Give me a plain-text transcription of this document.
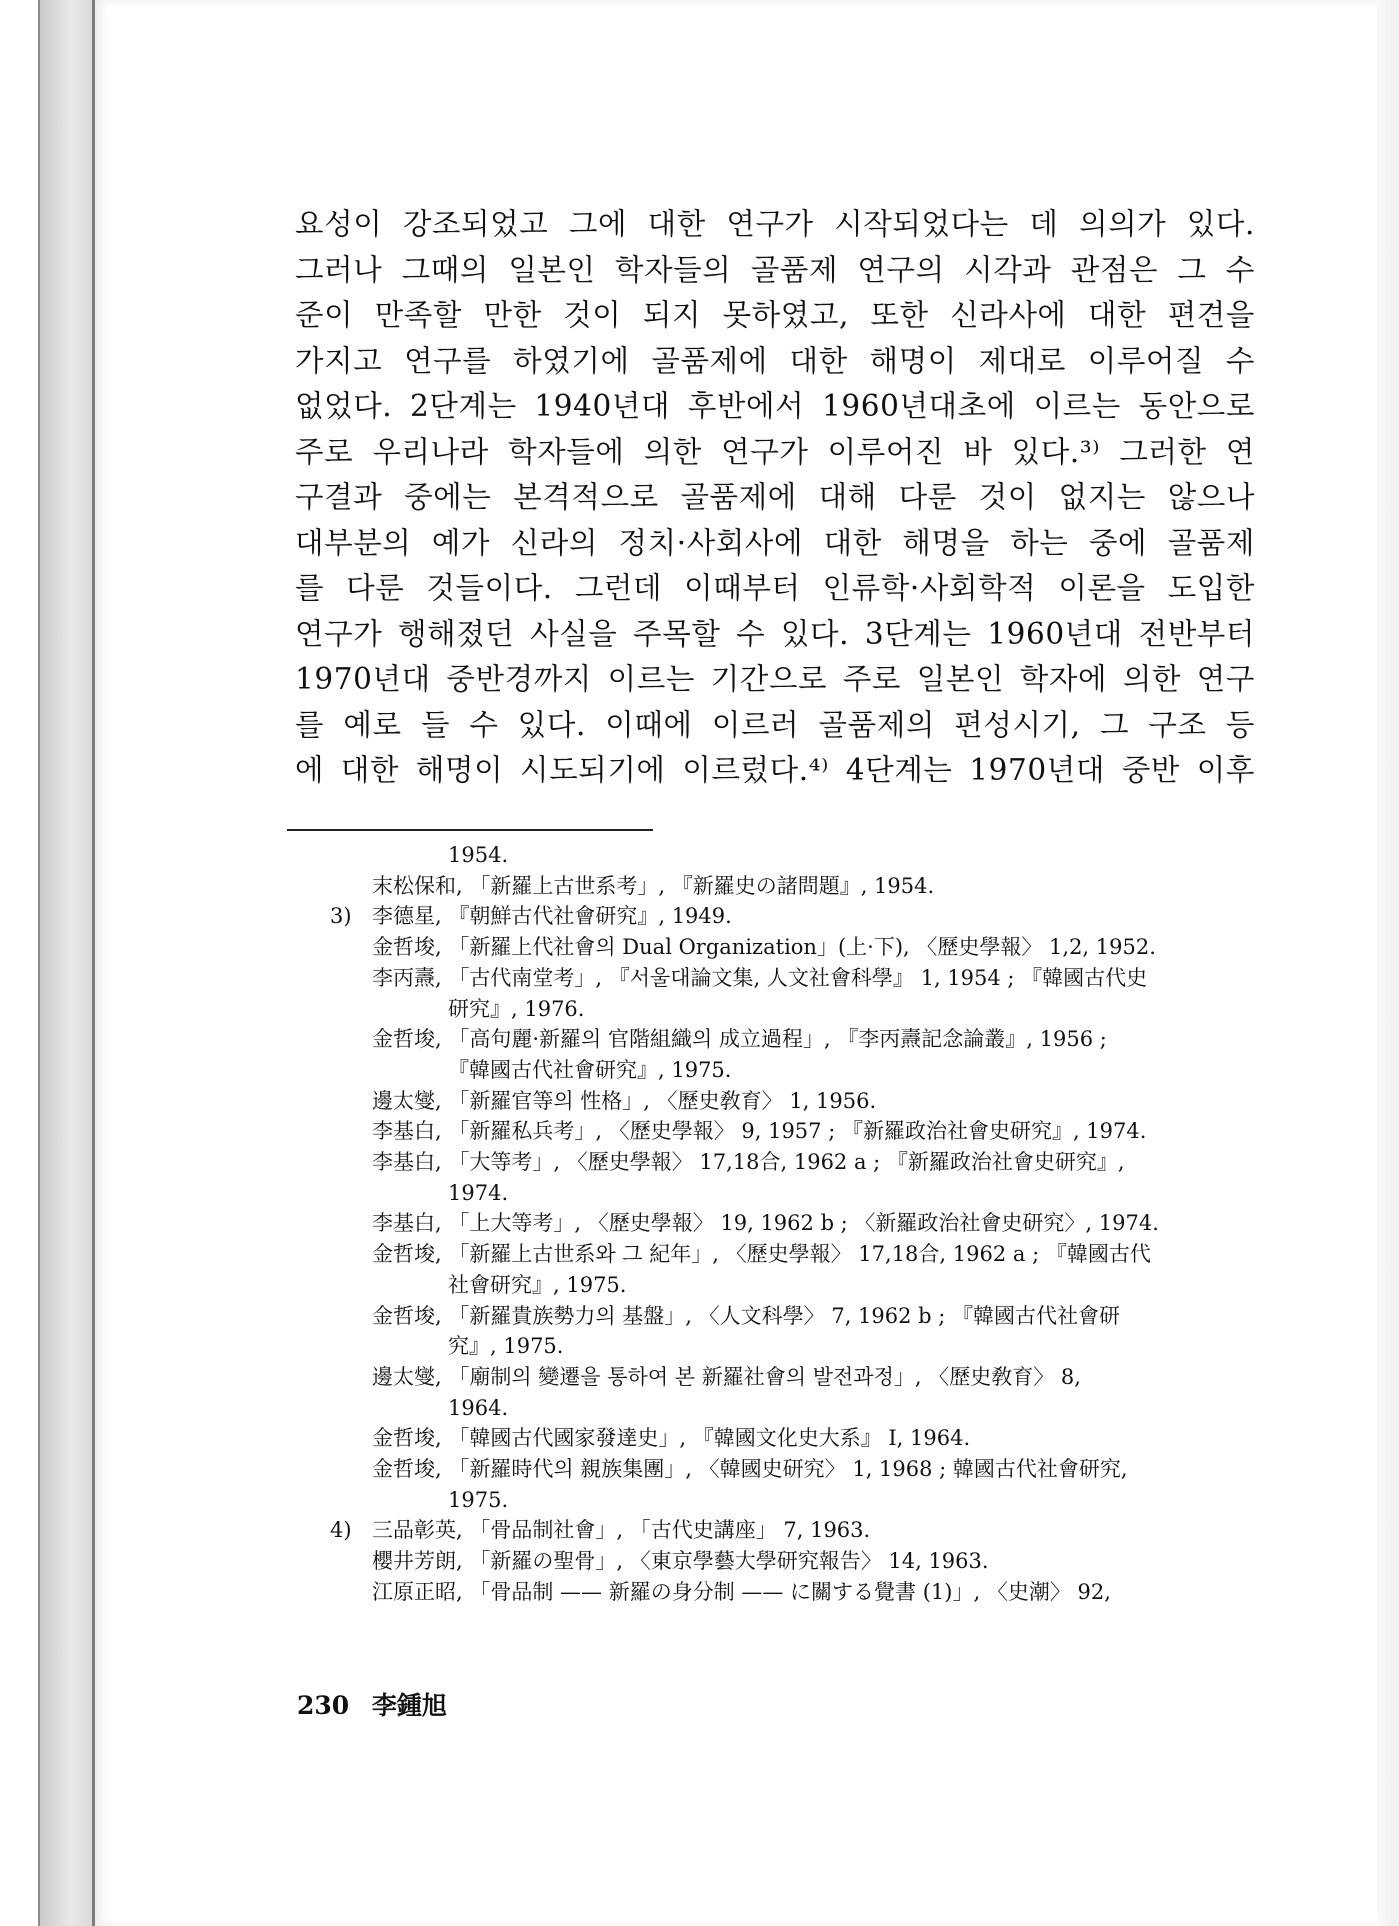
요성이 강조되었고 그에 대한 연구가 시작되었다는 데 의의가 있다.
그러나 그때의 일본인 학자들의 골품제 연구의 시각과 관점은 그 수
준이 만족할 만한 것이 되지 못하였고, 또한 신라사에 대한 편견을
가지고 연구를 하였기에 골품제에 대한 해명이 제대로 이루어질 수
없었다. 2단계는 1940년대 후반에서 1960년대초에 이르는 동안으로
주로 우리나라 학자들에 의한 연구가 이루어진 바 있다.³⁾ 그러한 연
구결과 중에는 본격적으로 골품제에 대해 다룬 것이 없지는 않으나
대부분의 예가 신라의 정치·사회사에 대한 해명을 하는 중에 골품제
를 다룬 것들이다. 그런데 이때부터 인류학·사회학적 이론을 도입한
연구가 행해졌던 사실을 주목할 수 있다. 3단계는 1960년대 전반부터
1970년대 중반경까지 이르는 기간으로 주로 일본인 학자에 의한 연구
를 예로 들 수 있다. 이때에 이르러 골품제의 편성시기, 그 구조 등
에 대한 해명이 시도되기에 이르렀다.⁴⁾ 4단계는 1970년대 중반 이후
1954.
末松保和, 「新羅上古世系考」, 『新羅史の諸問題』, 1954.
3) 李德星, 『朝鮮古代社會研究』, 1949.
金哲埈, 「新羅上代社會의 Dual Organization」(上·下), 〈歷史學報〉 1,2, 1952.
李丙燾, 「古代南堂考」, 『서울대論文集, 人文社會科學』 1, 1954 ; 『韓國古代史
研究』, 1976.
金哲埈, 「高句麗·新羅의 官階組織의 成立過程」, 『李丙燾記念論叢』, 1956 ;
『韓國古代社會研究』, 1975.
邊太燮, 「新羅官等의 性格」, 〈歷史敎育〉 1, 1956.
李基白, 「新羅私兵考」, 〈歷史學報〉 9, 1957 ; 『新羅政治社會史研究』, 1974.
李基白, 「大等考」, 〈歷史學報〉 17,18合, 1962 a ; 『新羅政治社會史研究』,
1974.
李基白, 「上大等考」, 〈歷史學報〉 19, 1962 b ; 〈新羅政治社會史研究〉, 1974.
金哲埈, 「新羅上古世系와 그 紀年」, 〈歷史學報〉 17,18合, 1962 a ; 『韓國古代
社會研究』, 1975.
金哲埈, 「新羅貴族勢力의 基盤」, 〈人文科學〉 7, 1962 b ; 『韓國古代社會研
究』, 1975.
邊太燮, 「廟制의 變遷을 통하여 본 新羅社會의 발전과정」, 〈歷史敎育〉 8,
1964.
金哲埈, 「韓國古代國家發達史」, 『韓國文化史大系』 I, 1964.
金哲埈, 「新羅時代의 親族集團」, 〈韓國史研究〉 1, 1968 ; 韓國古代社會研究,
1975.
4) 三品彰英, 「骨品制社會」, 「古代史講座」 7, 1963.
櫻井芳朗, 「新羅の聖骨」, 〈東京學藝大學研究報告〉 14, 1963.
江原正昭, 「骨品制 —— 新羅の身分制 —— に關する覺書 (1)」, 〈史潮〉 92,
230 李鍾旭
